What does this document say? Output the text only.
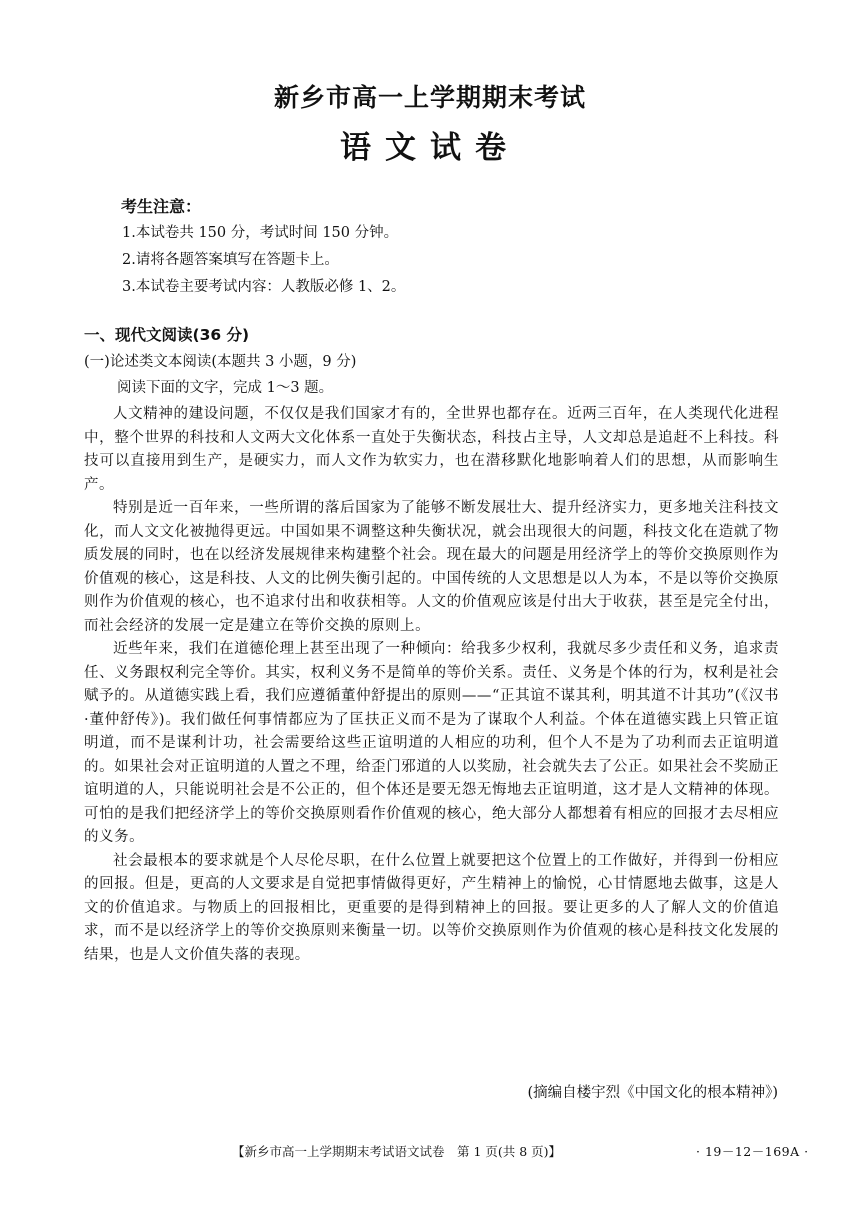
新乡市高一上学期期末考试
语文试卷
考生注意：
1.本试卷共 150 分，考试时间 150 分钟。
2.请将各题答案填写在答题卡上。
3.本试卷主要考试内容：人教版必修 1、2。
一、现代文阅读(36 分)
(一)论述类文本阅读(本题共 3 小题，9 分)
阅读下面的文字，完成 1～3 题。

人文精神的建设问题，不仅仅是我们国家才有的，全世界也都存在。近两三百年，在人类现代化进程中，整个世界的科技和人文两大文化体系一直处于失衡状态，科技占主导，人文却总是追赶不上科技。科技可以直接用到生产，是硬实力，而人文作为软实力，也在潜移默化地影响着人们的思想，从而影响生产。

特别是近一百年来，一些所谓的落后国家为了能够不断发展壮大、提升经济实力，更多地关注科技文化，而人文文化被抛得更远。中国如果不调整这种失衡状况，就会出现很大的问题，科技文化在造就了物质发展的同时，也在以经济发展规律来构建整个社会。现在最大的问题是用经济学上的等价交换原则作为价值观的核心，这是科技、人文的比例失衡引起的。中国传统的人文思想是以人为本，不是以等价交换原则作为价值观的核心，也不追求付出和收获相等。人文的价值观应该是付出大于收获，甚至是完全付出，而社会经济的发展一定是建立在等价交换的原则上。

近些年来，我们在道德伦理上甚至出现了一种倾向：给我多少权利，我就尽多少责任和义务，追求责任、义务跟权利完全等价。其实，权利义务不是简单的等价关系。责任、义务是个体的行为，权利是社会赋予的。从道德实践上看，我们应遵循董仲舒提出的原则——“正其谊不谋其利，明其道不计其功”(《汉书·董仲舒传》)。我们做任何事情都应为了匡扶正义而不是为了谋取个人利益。个体在道德实践上只管正谊明道，而不是谋利计功，社会需要给这些正谊明道的人相应的功利，但个人不是为了功利而去正谊明道的。如果社会对正谊明道的人置之不理，给歪门邪道的人以奖励，社会就失去了公正。如果社会不奖励正谊明道的人，只能说明社会是不公正的，但个体还是要无怨无悔地去正谊明道，这才是人文精神的体现。可怕的是我们把经济学上的等价交换原则看作价值观的核心，绝大部分人都想着有相应的回报才去尽相应的义务。

社会最根本的要求就是个人尽伦尽职，在什么位置上就要把这个位置上的工作做好，并得到一份相应的回报。但是，更高的人文要求是自觉把事情做得更好，产生精神上的愉悦，心甘情愿地去做事，这是人文的价值追求。与物质上的回报相比，更重要的是得到精神上的回报。要让更多的人了解人文的价值追求，而不是以经济学上的等价交换原则来衡量一切。以等价交换原则作为价值观的核心是科技文化发展的结果，也是人文价值失落的表现。

(摘编自楼宇烈《中国文化的根本精神》)
【新乡市高一上学期期末考试语文试卷　第 1 页(共 8 页)】	· 19－12－169A ·
